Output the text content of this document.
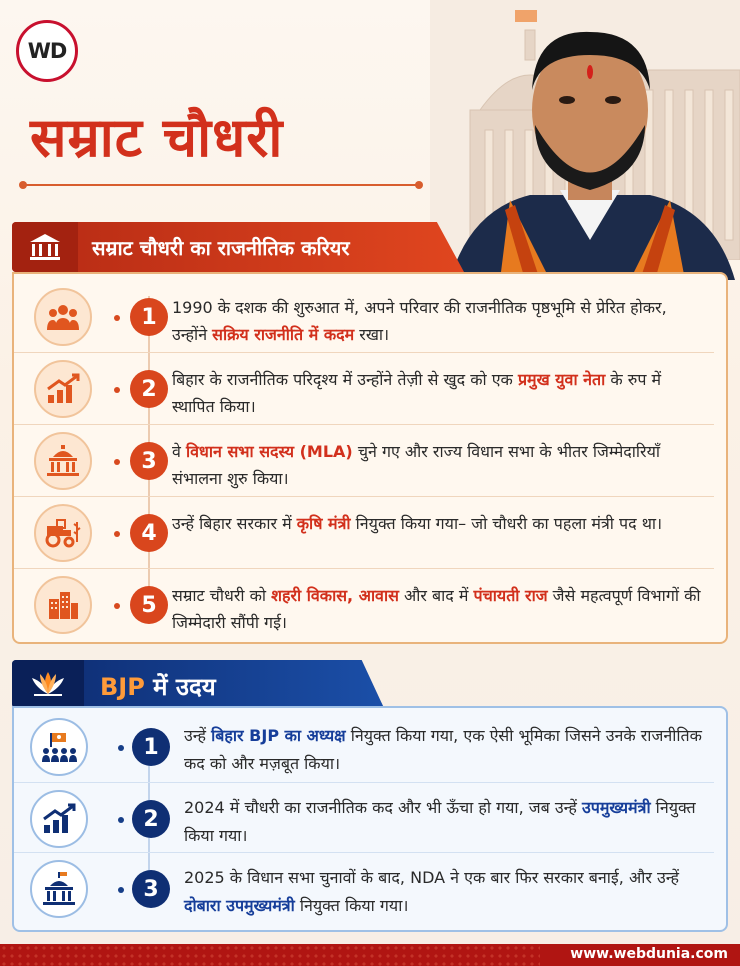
WD
सम्राट चौधरी
सम्राट चौधरी का राजनीतिक करियर
1 1990 के दशक की शुरुआत में, अपने परिवार की राजनीतिक पृष्ठभूमि से प्रेरित होकर, उन्होंने सक्रिय राजनीति में कदम रखा।
2 बिहार के राजनीतिक परिदृश्य में उन्होंने तेज़ी से खुद को एक प्रमुख युवा नेता के रुप में स्थापित किया।
3 वे विधान सभा सदस्य (MLA) चुने गए और राज्य विधान सभा के भीतर जिम्मेदारियाँ संभालना शुरु किया।
4 उन्हें बिहार सरकार में कृषि मंत्री नियुक्त किया गया– जो चौधरी का पहला मंत्री पद था।
5 सम्राट चौधरी को शहरी विकास, आवास और बाद में पंचायती राज जैसे महत्वपूर्ण विभागों की जिम्मेदारी सौंपी गई।
BJP में उदय
1	उन्हें बिहार BJP का अध्यक्ष नियुक्त किया गया, एक ऐसी भूमिका जिसने उनके राजनीतिक कद को और मज़बूत किया।
2	2024 में चौधरी का राजनीतिक कद और भी ऊँचा हो गया, जब उन्हें उपमुख्यमंत्री नियुक्त किया गया।
3	2025 के विधान सभा चुनावों के बाद, NDA ने एक बार फिर सरकार बनाई, और उन्हें दोबारा उपमुख्यमंत्री नियुक्त किया गया।
www.webdunia.com
